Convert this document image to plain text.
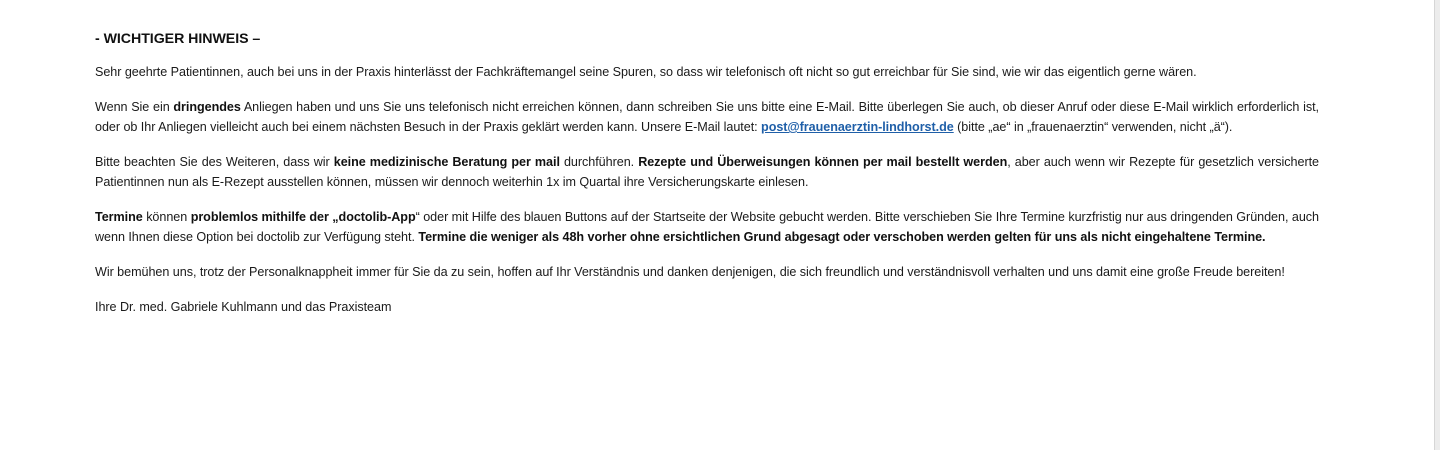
- WICHTIGER HINWEIS –

Sehr geehrte Patientinnen, auch bei uns in der Praxis hinterlässt der Fachkräftemangel seine Spuren, so dass wir telefonisch oft nicht so gut erreichbar für Sie sind, wie wir das eigentlich gerne wären.

Wenn Sie ein dringendes Anliegen haben und uns Sie uns telefonisch nicht erreichen können, dann schreiben Sie uns bitte eine E-Mail. Bitte überlegen Sie auch, ob dieser Anruf oder diese E-Mail wirklich erforderlich ist, oder ob Ihr Anliegen vielleicht auch bei einem nächsten Besuch in der Praxis geklärt werden kann. Unsere E-Mail lautet: post@frauenaerztin-lindhorst.de (bitte „ae“ in „frauenaerztin“ verwenden, nicht „ä“).

Bitte beachten Sie des Weiteren, dass wir keine medizinische Beratung per mail durchführen. Rezepte und Überweisungen können per mail bestellt werden, aber auch wenn wir Rezepte für gesetzlich versicherte Patientinnen nun als E-Rezept ausstellen können, müssen wir dennoch weiterhin 1x im Quartal ihre Versicherungskarte einlesen.

Termine können problemlos mithilfe der „doctolib-App“ oder mit Hilfe des blauen Buttons auf der Startseite der Website gebucht werden. Bitte verschieben Sie Ihre Termine kurzfristig nur aus dringenden Gründen, auch wenn Ihnen diese Option bei doctolib zur Verfügung steht. Termine die weniger als 48h vorher ohne ersichtlichen Grund abgesagt oder verschoben werden gelten für uns als nicht eingehaltene Termine.

Wir bemühen uns, trotz der Personalknappheit immer für Sie da zu sein, hoffen auf Ihr Verständnis und danken denjenigen, die sich freundlich und verständnisvoll verhalten und uns damit eine große Freude bereiten!

Ihre Dr. med. Gabriele Kuhlmann und das Praxisteam
